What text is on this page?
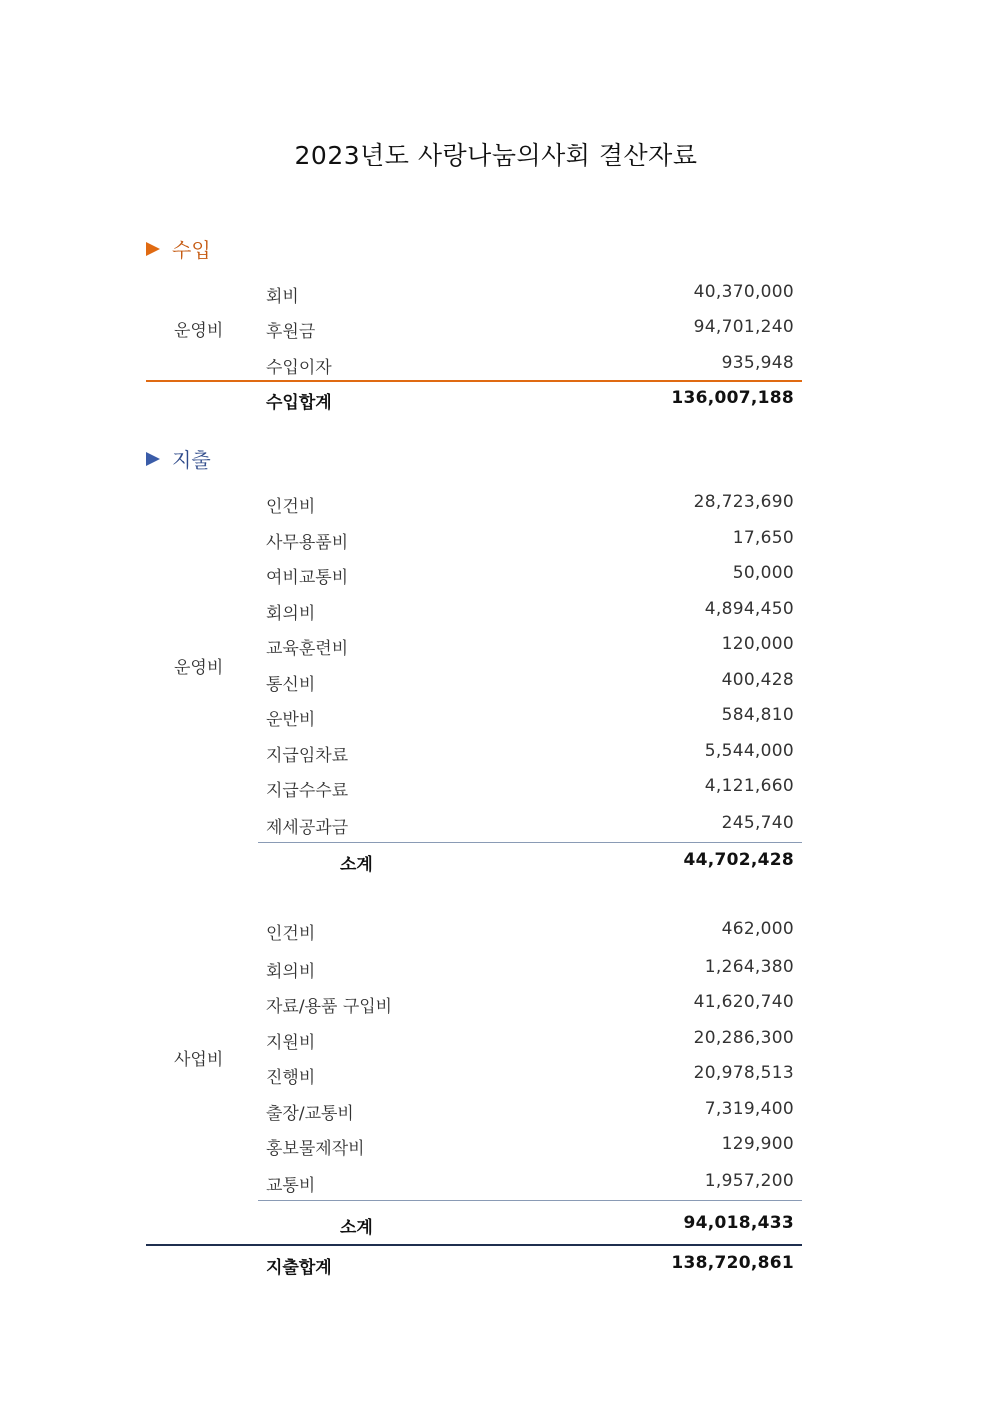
2023년도 사랑나눔의사회 결산자료
수입
운영비
회비	40,370,000
후원금	94,701,240
수입이자	935,948
수입합계	136,007,188
지출
운영비
인건비	28,723,690
사무용품비	17,650
여비교통비	50,000
회의비	4,894,450
교육훈련비	120,000
통신비	400,428
운반비	584,810
지급임차료	5,544,000
지급수수료	4,121,660
제세공과금	245,740
소계	44,702,428
사업비
인건비	462,000
회의비	1,264,380
자료/용품 구입비	41,620,740
지원비	20,286,300
진행비	20,978,513
출장/교통비	7,319,400
홍보물제작비	129,900
교통비	1,957,200
소계	94,018,433
지출합계	138,720,861
